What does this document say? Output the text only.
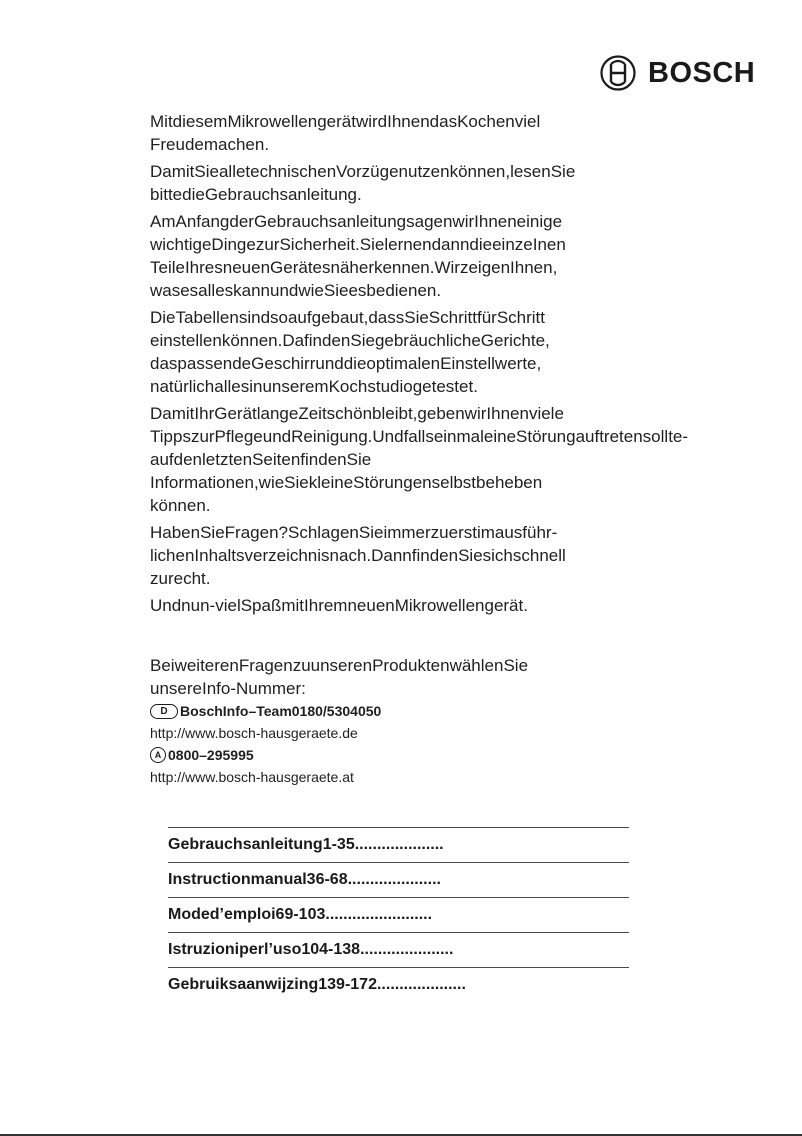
BOSCH

MitdiesemMikrowellengerätwirdIhnendasKochenviel
Freudemachen.

DamitSiealletechnischenVorzügenutzenkönnen,lesenSie
bittedieGebrauchsanleitung.

AmAnfangderGebrauchsanleitungsagenwirIhneneinige
wichtigeDingezurSicherheit.SielernendanndieeinzeInen
TeileIhresneuenGerätesnäherkennen.WirzeigenIhnen,
wasesalleskannundwieSieesbedienen.

DieTabellensindsoaufgebaut,dassSieSchrittfürSchritt
einstellenkönnen.DafindenSiegebräuchlicheGerichte,
daspassendeGeschirrunddieoptimalenEinstellwerte,
natürlichallesinunseremKochstudiogetestet.

DamitIhrGerätlangeZeitschönbleibt,gebenwirIhnenviele
TippszurPflegeundReinigung.UndfallseinmaleineStörungauftretensollte-aufdenletztenSeitenfindenSie
Informationen,wieSiekleineStörungenselbstbeheben
können.

HabenSieFragen?SchlagenSieimmerzuerstimausführ-
lichenInhaltsverzeichnisnach.DannfindenSiesichschnell
zurecht.

Undnun-vielSpaßmitIhremneuenMikrowellengerät.

BeiweiterenFragenzuunserenProduktenwählenSie
unsereInfo-Nummer:

D BoschInfo–Team0180/5304050
http://www.bosch-hausgeraete.de
A 0800–295995
http://www.bosch-hausgeraete.at
Gebrauchsanleitung1-35....................
Instructionmanual36-68.....................
Moded’emploi69-103........................
Istruzioniperl’uso104-138.....................
Gebruiksaanwijzing139-172....................
